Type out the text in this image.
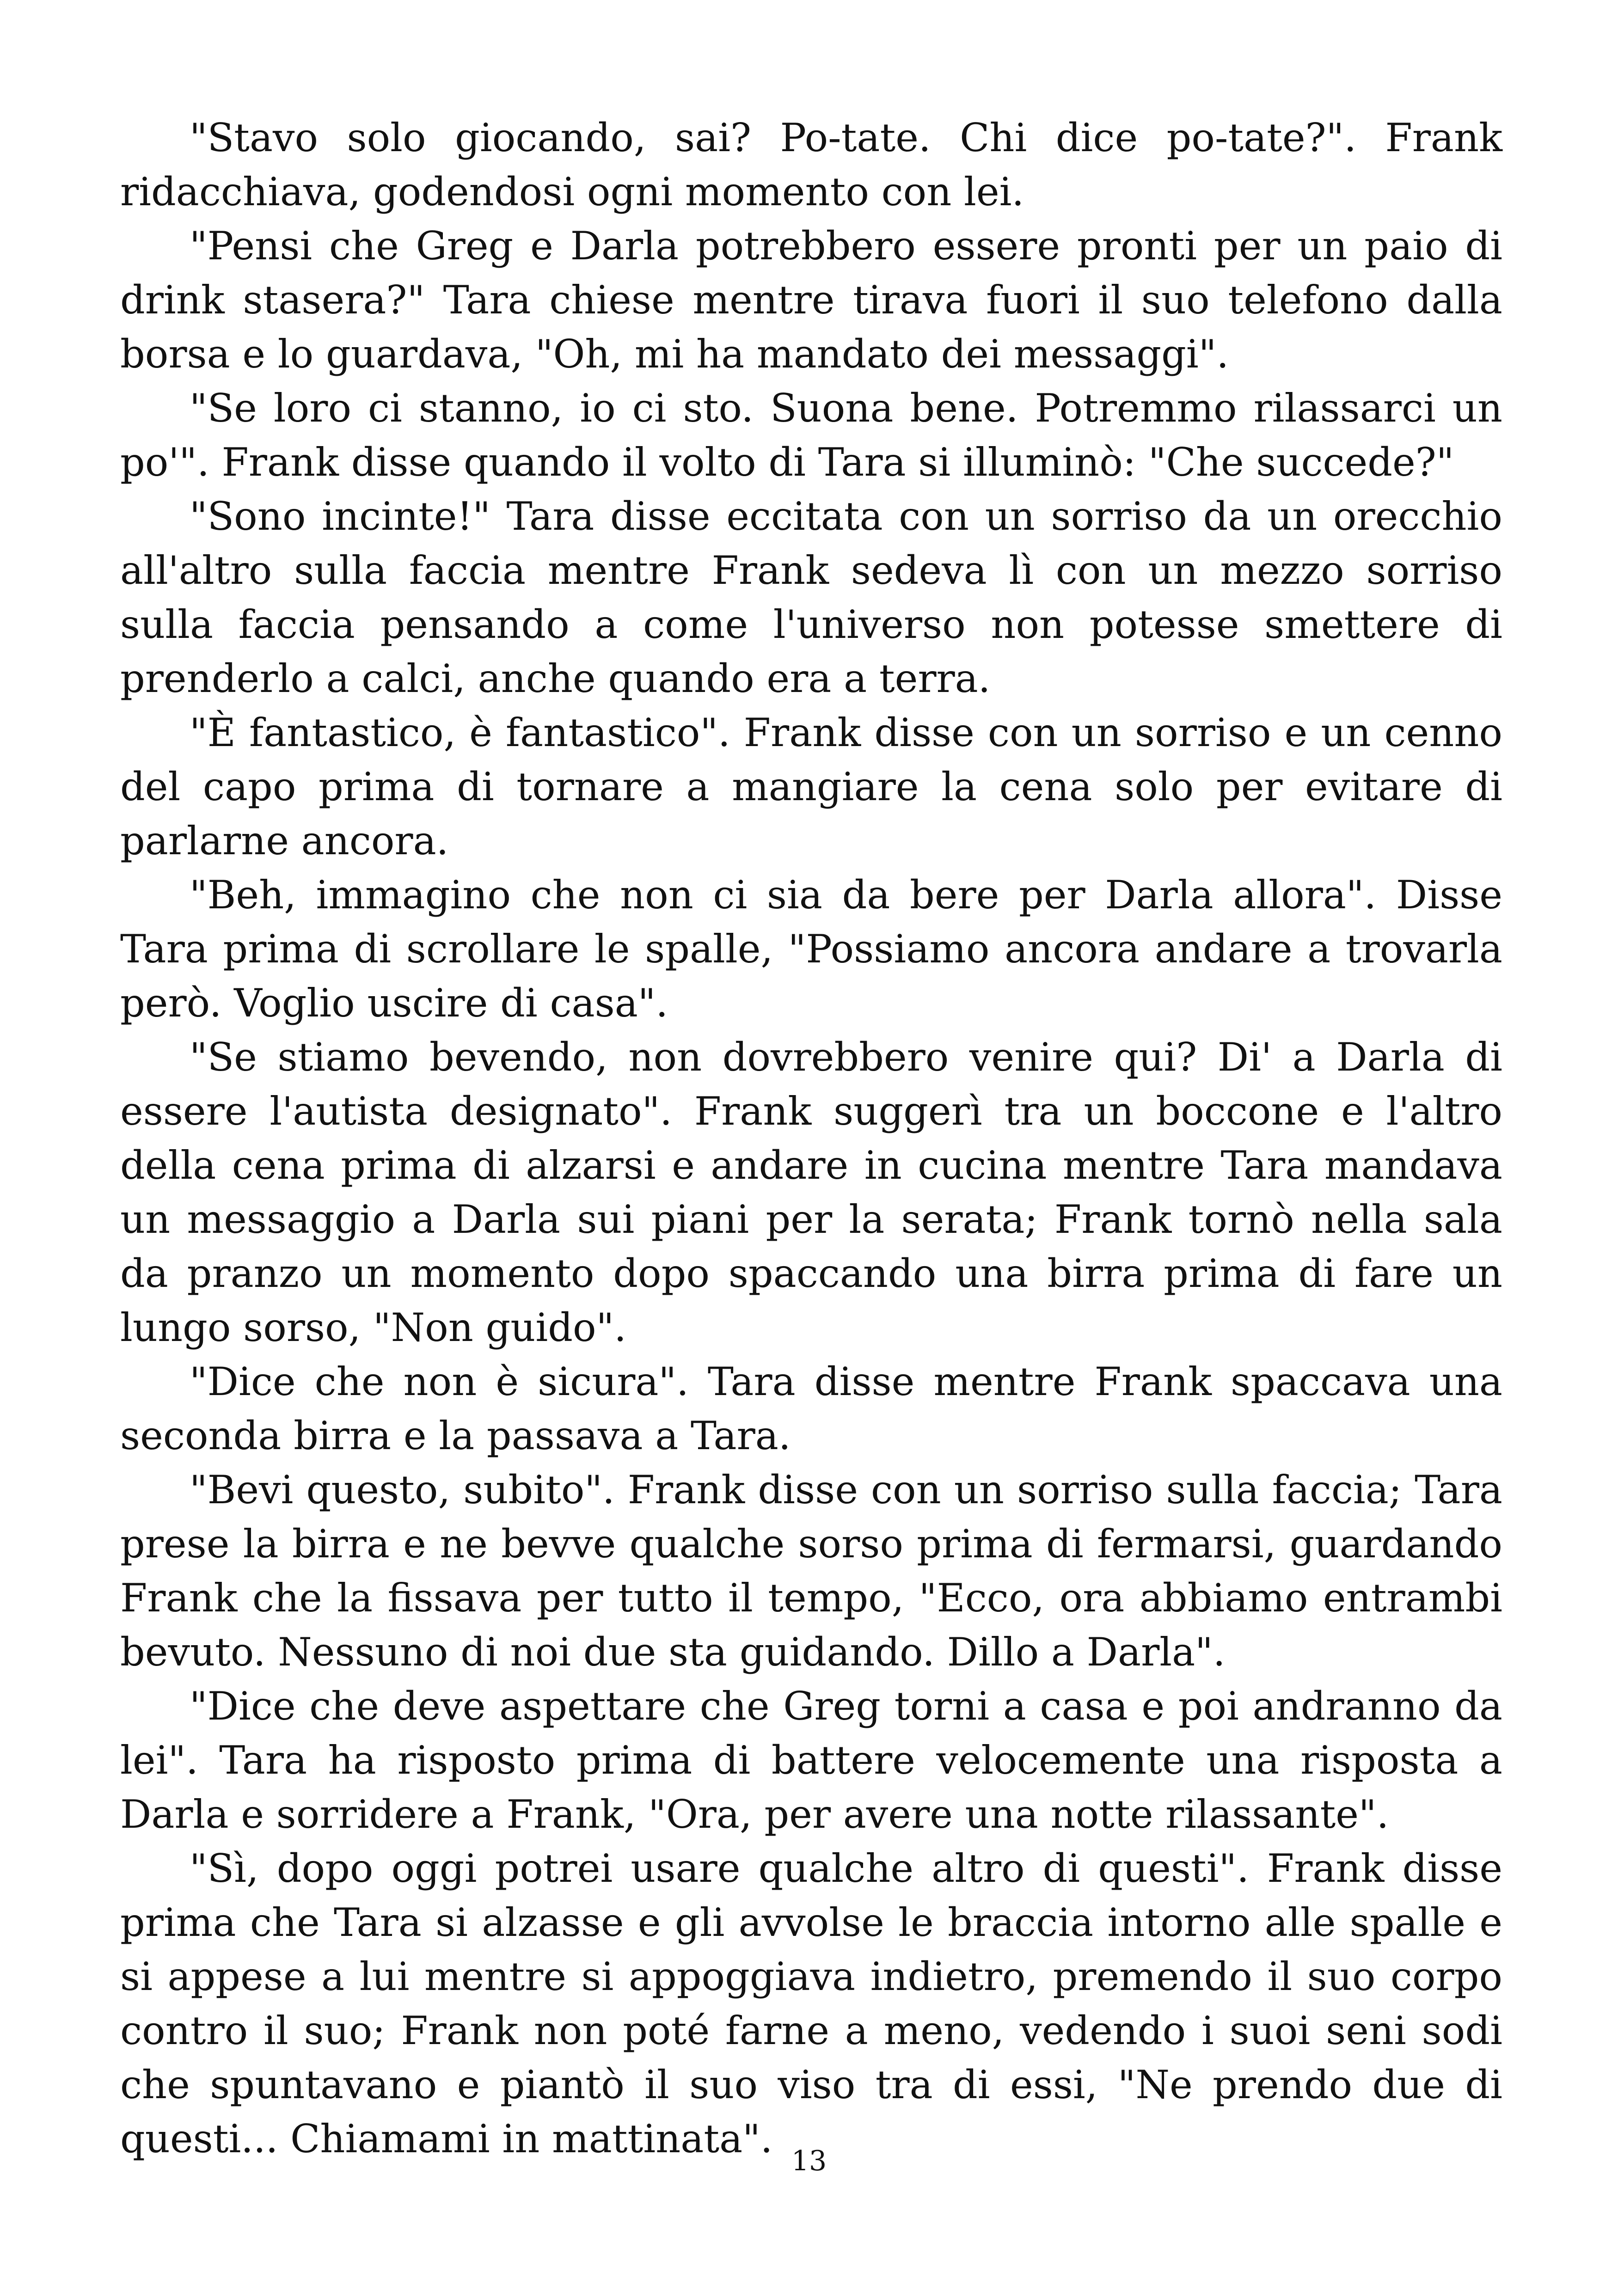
"Stavo solo giocando, sai? Po-tate. Chi dice po-tate?". Frank ridacchiava, godendosi ogni momento con lei.

"Pensi che Greg e Darla potrebbero essere pronti per un paio di drink stasera?" Tara chiese mentre tirava fuori il suo telefono dalla borsa e lo guardava, "Oh, mi ha mandato dei messaggi".

"Se loro ci stanno, io ci sto. Suona bene. Potremmo rilassarci un po'". Frank disse quando il volto di Tara si illuminò: "Che succede?"

"Sono incinte!" Tara disse eccitata con un sorriso da un orecchio all'altro sulla faccia mentre Frank sedeva lì con un mezzo sorriso sulla faccia pensando a come l'universo non potesse smettere di prenderlo a calci, anche quando era a terra.

"È fantastico, è fantastico". Frank disse con un sorriso e un cenno del capo prima di tornare a mangiare la cena solo per evitare di parlarne ancora.

"Beh, immagino che non ci sia da bere per Darla allora". Disse Tara prima di scrollare le spalle, "Possiamo ancora andare a trovarla però. Voglio uscire di casa".

"Se stiamo bevendo, non dovrebbero venire qui? Di' a Darla di essere l'autista designato". Frank suggerì tra un boccone e l'altro della cena prima di alzarsi e andare in cucina mentre Tara mandava un messaggio a Darla sui piani per la serata; Frank tornò nella sala da pranzo un momento dopo spaccando una birra prima di fare un lungo sorso, "Non guido".

"Dice che non è sicura". Tara disse mentre Frank spaccava una seconda birra e la passava a Tara.

"Bevi questo, subito". Frank disse con un sorriso sulla faccia; Tara prese la birra e ne bevve qualche sorso prima di fermarsi, guardando Frank che la fissava per tutto il tempo, "Ecco, ora abbiamo entrambi bevuto. Nessuno di noi due sta guidando. Dillo a Darla".

"Dice che deve aspettare che Greg torni a casa e poi andranno da lei". Tara ha risposto prima di battere velocemente una risposta a Darla e sorridere a Frank, "Ora, per avere una notte rilassante".

"Sì, dopo oggi potrei usare qualche altro di questi". Frank disse prima che Tara si alzasse e gli avvolse le braccia intorno alle spalle e si appese a lui mentre si appoggiava indietro, premendo il suo corpo contro il suo; Frank non poté farne a meno, vedendo i suoi seni sodi che spuntavano e piantò il suo viso tra di essi, "Ne prendo due di questi... Chiamami in mattinata". 13
